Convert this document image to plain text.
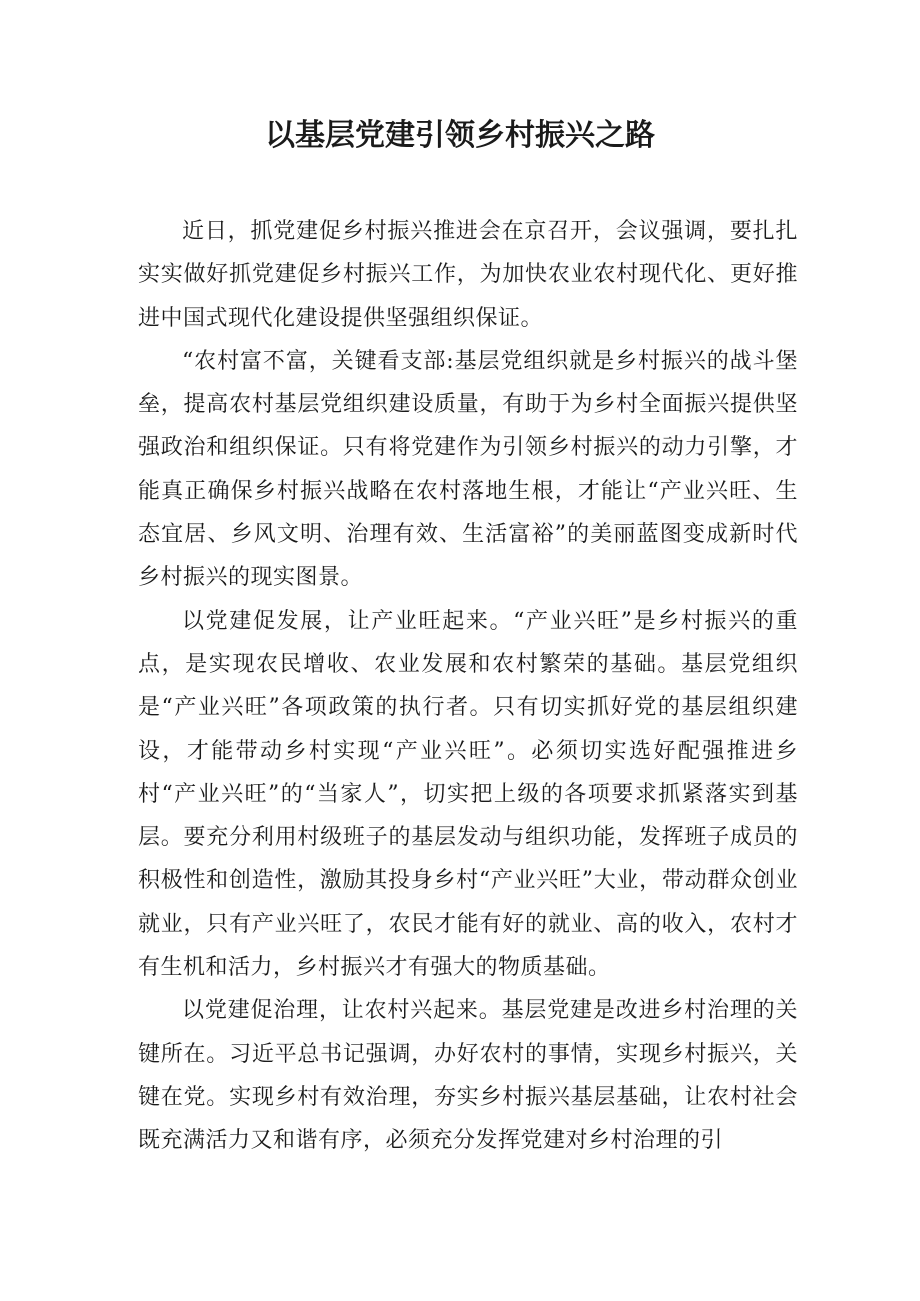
以基层党建引领乡村振兴之路

近日，抓党建促乡村振兴推进会在京召开，会议强调，要扎扎实实做好抓党建促乡村振兴工作，为加快农业农村现代化、更好推进中国式现代化建设提供坚强组织保证。

“农村富不富，关键看支部:基层党组织就是乡村振兴的战斗堡垒，提高农村基层党组织建设质量，有助于为乡村全面振兴提供坚强政治和组织保证。只有将党建作为引领乡村振兴的动力引擎，才能真正确保乡村振兴战略在农村落地生根，才能让“产业兴旺、生态宜居、乡风文明、治理有效、生活富裕”的美丽蓝图变成新时代乡村振兴的现实图景。

以党建促发展，让产业旺起来。“产业兴旺”是乡村振兴的重点，是实现农民增收、农业发展和农村繁荣的基础。基层党组织是“产业兴旺”各项政策的执行者。只有切实抓好党的基层组织建设，才能带动乡村实现“产业兴旺”。必须切实选好配强推进乡村“产业兴旺”的“当家人”，切实把上级的各项要求抓紧落实到基层。要充分利用村级班子的基层发动与组织功能，发挥班子成员的积极性和创造性，激励其投身乡村“产业兴旺”大业，带动群众创业就业，只有产业兴旺了，农民才能有好的就业、高的收入，农村才有生机和活力，乡村振兴才有强大的物质基础。

以党建促治理，让农村兴起来。基层党建是改进乡村治理的关键所在。习近平总书记强调，办好农村的事情，实现乡村振兴，关键在党。实现乡村有效治理，夯实乡村振兴基层基础，让农村社会既充满活力又和谐有序，必须充分发挥党建对乡村治理的引
